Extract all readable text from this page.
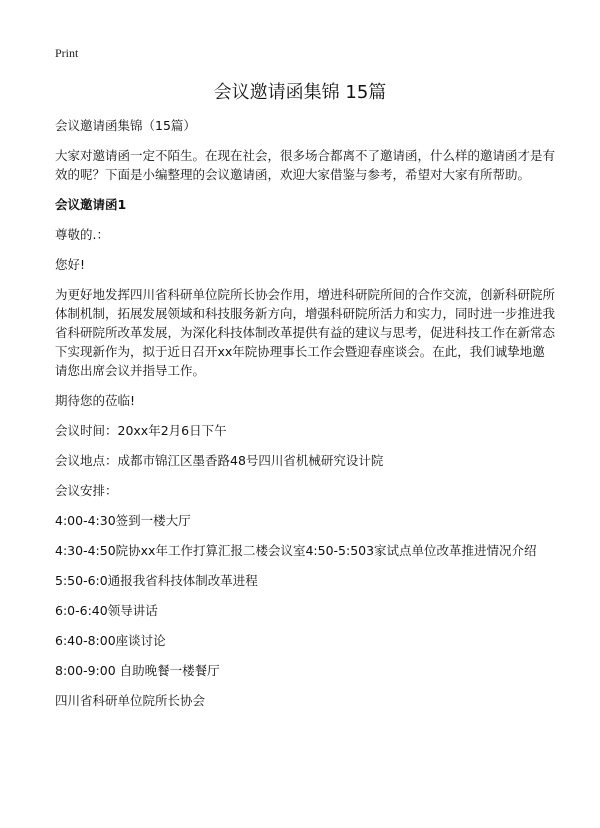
Print
会议邀请函集锦 15篇

会议邀请函集锦（15篇）

大家对邀请函一定不陌生。在现在社会，很多场合都离不了邀请函，什么样的邀请函才是有效的呢？下面是小编整理的会议邀请函，欢迎大家借鉴与参考，希望对大家有所帮助。

会议邀请函1

尊敬的.：

您好!

为更好地发挥四川省科研单位院所长协会作用，增进科研院所间的合作交流，创新科研院所体制机制，拓展发展领域和科技服务新方向，增强科研院所活力和实力，同时进一步推进我省科研院所改革发展，为深化科技体制改革提供有益的建议与思考，促进科技工作在新常态下实现新作为，拟于近日召开xx年院协理事长工作会暨迎春座谈会。在此，我们诚挚地邀请您出席会议并指导工作。

期待您的莅临!

会议时间：20xx年2月6日下午

会议地点：成都市锦江区墨香路48号四川省机械研究设计院

会议安排：

4:00-4:30签到一楼大厅

4:30-4:50院协xx年工作打算汇报二楼会议室4:50-5:503家试点单位改革推进情况介绍

5:50-6:0通报我省科技体制改革进程

6:0-6:40领导讲话

6:40-8:00座谈讨论

8:00-9:00 自助晚餐一楼餐厅

四川省科研单位院所长协会
